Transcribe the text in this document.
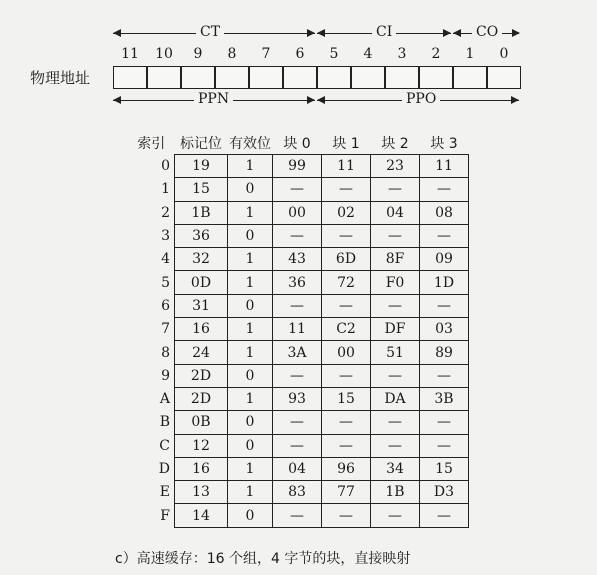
CT	CI	CO
11	10	9	8	7	6	5	4	3	2	1	0
物理地址
PPN	PPO
索引	标记位	有效位	块 0	块 1	块 2	块 3
0	19	1	99	11	23	11
1	15	0	—	—	—	—
2	1B	1	00	02	04	08
3	36	0	—	—	—	—
4	32	1	43	6D	8F	09
5	0D	1	36	72	F0	1D
6	31	0	—	—	—	—
7	16	1	11	C2	DF	03
8	24	1	3A	00	51	89
9	2D	0	—	—	—	—
A	2D	1	93	15	DA	3B
B	0B	0	—	—	—	—
C	12	0	—	—	—	—
D	16	1	04	96	34	15
E	13	1	83	77	1B	D3
F	14	0	—	—	—	—
c）高速缓存：16 个组，4 字节的块，直接映射
